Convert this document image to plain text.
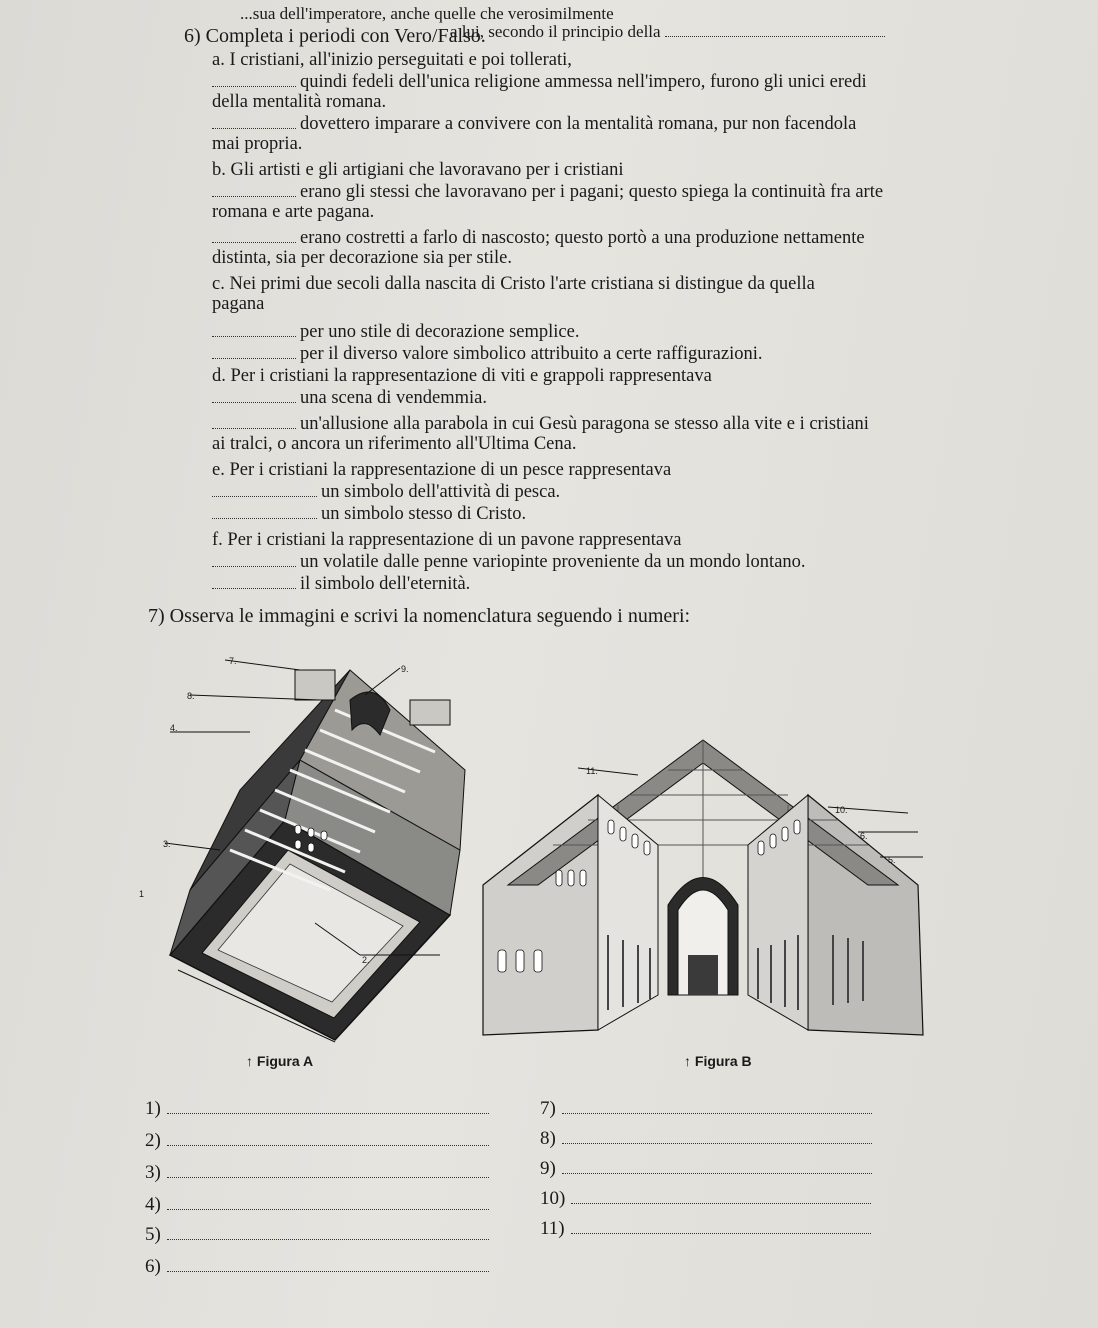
...sua dell'imperatore, anche quelle che verosimilmente
a lui, secondo il principio della
6) Completa i periodi con Vero/Falso.
a. I cristiani, all'inizio perseguitati e poi tollerati,
quindi fedeli dell'unica religione ammessa nell'impero, furono gli unici eredi
della mentalità romana.
dovettero imparare a convivere con la mentalità romana, pur non facendola
mai propria.
b. Gli artisti e gli artigiani che lavoravano per i cristiani
erano gli stessi che lavoravano per i pagani; questo spiega la continuità fra arte
romana e arte pagana.
erano costretti a farlo di nascosto; questo portò a una produzione nettamente
distinta, sia per decorazione sia per stile.
c. Nei primi due secoli dalla nascita di Cristo l'arte cristiana si distingue da quella
pagana
per uno stile di decorazione semplice.
per il diverso valore simbolico attribuito a certe raffigurazioni.
d. Per i cristiani la rappresentazione di viti e grappoli rappresentava
una scena di vendemmia.
un'allusione alla parabola in cui Gesù paragona se stesso alla vite e i cristiani
ai tralci, o ancora un riferimento all'Ultima Cena.
e. Per i cristiani la rappresentazione di un pesce rappresentava
un simbolo dell'attività di pesca.
un simbolo stesso di Cristo.
f. Per i cristiani la rappresentazione di un pavone rappresentava
un volatile dalle penne variopinte proveniente da un mondo lontano.
il simbolo dell'eternità.
7) Osserva le immagini e scrivi la nomenclatura seguendo i numeri:
7.
9.
8.
4.
3.
1
2.
11.
10.
6.
5.
↑ Figura A	↑ Figura B
1)
2)
3)
4)
5)
6)
7)
8)
9)
10)
11)
